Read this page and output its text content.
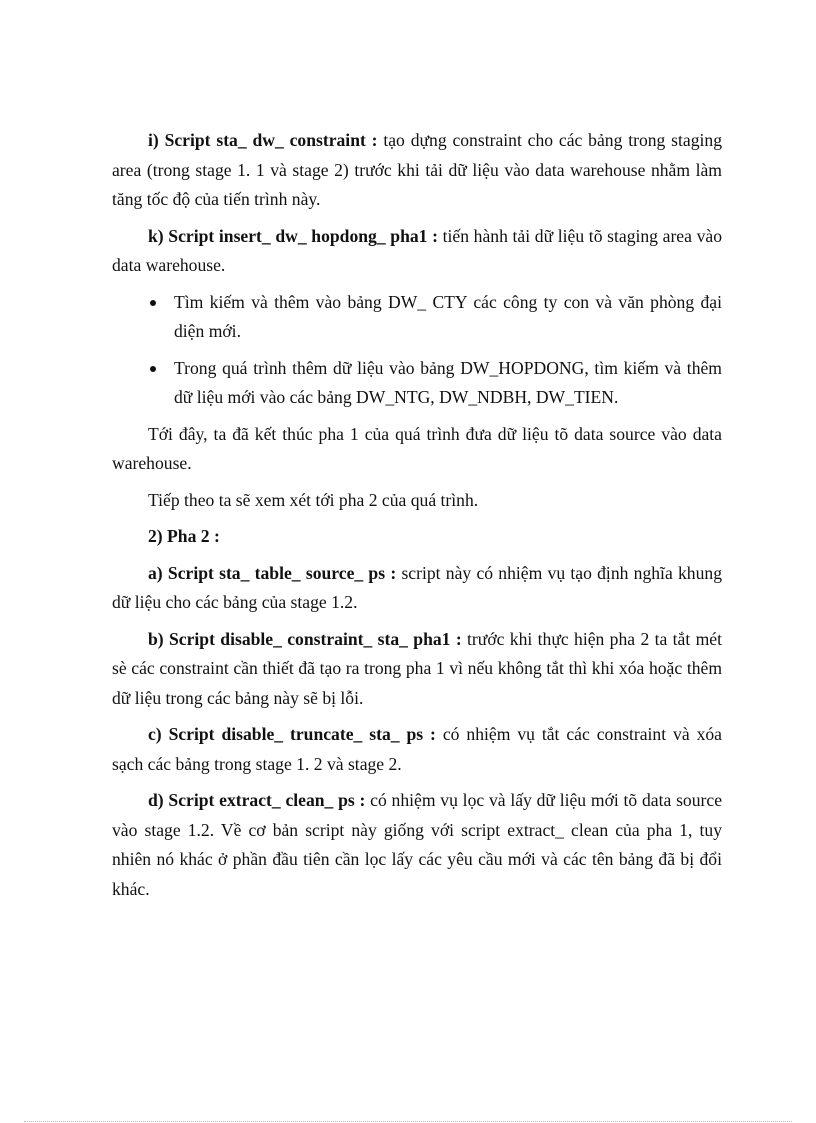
i) Script sta_ dw_ constraint : tạo dựng constraint cho các bảng trong staging area (trong stage 1. 1 và stage 2) trước khi tải dữ liệu vào data warehouse nhằm làm tăng tốc độ của tiến trình này.

k) Script insert_ dw_ hopdong_ pha1 : tiến hành tải dữ liệu tõ staging area vào data warehouse.

Tìm kiếm và thêm vào bảng DW_ CTY các công ty con và văn phòng đại diện mới.
Trong quá trình thêm dữ liệu vào bảng DW_HOPDONG, tìm kiếm và thêm dữ liệu mới vào các bảng DW_NTG, DW_NDBH, DW_TIEN.

Tới đây, ta đã kết thúc pha 1 của quá trình đưa dữ liệu tõ data source vào data warehouse.

Tiếp theo ta sẽ xem xét tới pha 2 của quá trình.

2) Pha 2 :

a) Script sta_ table_ source_ ps : script này có nhiệm vụ tạo định nghĩa khung dữ liệu cho các bảng của stage 1.2.

b) Script disable_ constraint_ sta_ pha1 : trước khi thực hiện pha 2 ta tắt mét sè các constraint cần thiết đã tạo ra trong pha 1 vì nếu không tắt thì khi xóa hoặc thêm dữ liệu trong các bảng này sẽ bị lỗi.

c) Script disable_ truncate_ sta_ ps : có nhiệm vụ tắt các constraint và xóa sạch các bảng trong stage 1. 2 và stage 2.

d) Script extract_ clean_ ps : có nhiệm vụ lọc và lấy dữ liệu mới tõ data source vào stage 1.2. Về cơ bản script này giống với script extract_ clean của pha 1, tuy nhiên nó khác ở phần đầu tiên cần lọc lấy các yêu cầu mới và các tên bảng đã bị đổi khác.
